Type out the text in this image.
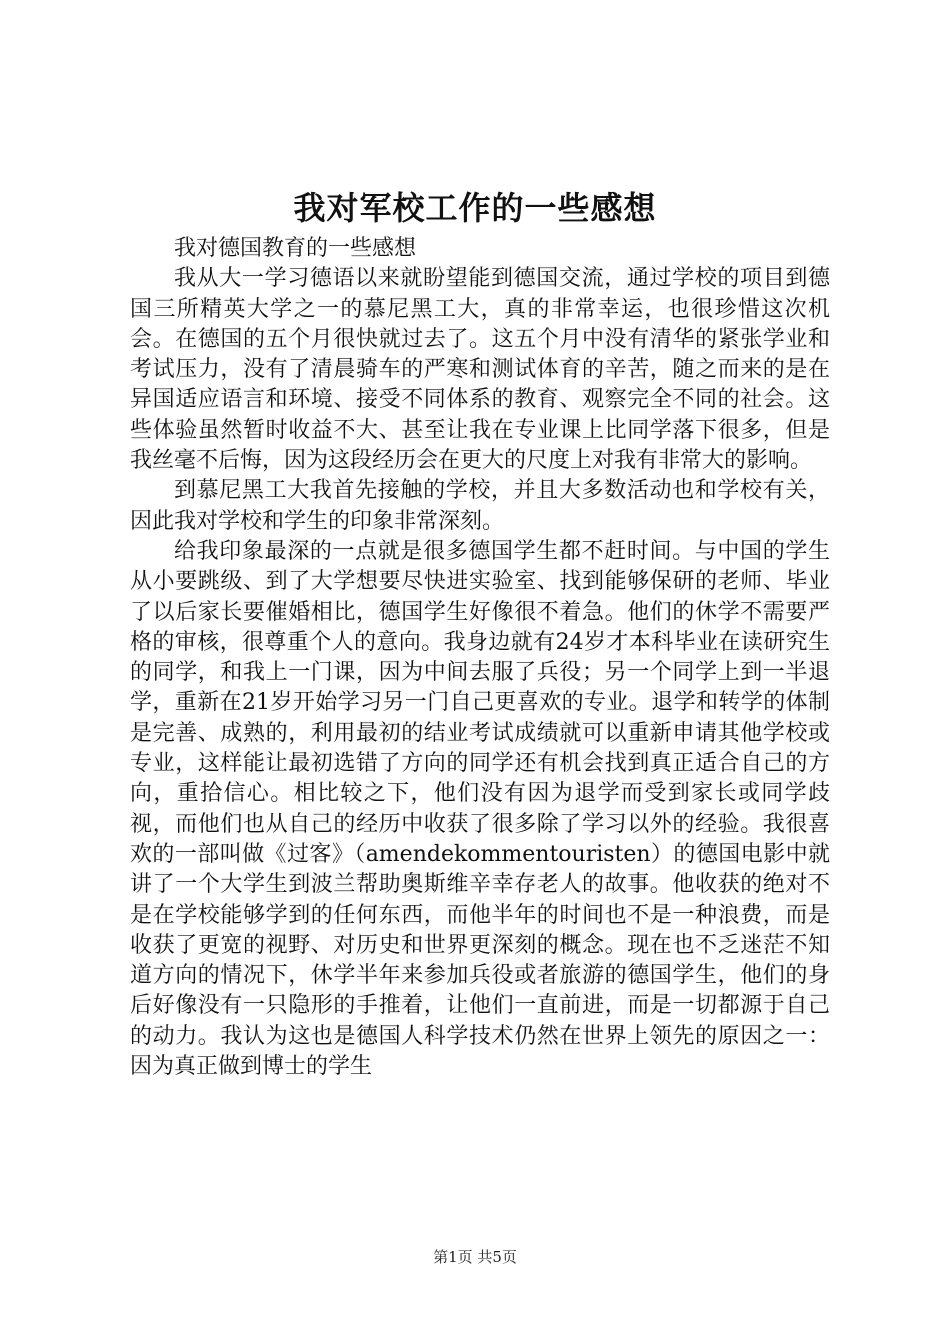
我对军校工作的一些感想

我对德国教育的一些感想

我从大一学习德语以来就盼望能到德国交流，通过学校的项目到德国三所精英大学之一的慕尼黑工大，真的非常幸运，也很珍惜这次机会。在德国的五个月很快就过去了。这五个月中没有清华的紧张学业和考试压力，没有了清晨骑车的严寒和测试体育的辛苦，随之而来的是在异国适应语言和环境、接受不同体系的教育、观察完全不同的社会。这些体验虽然暂时收益不大、甚至让我在专业课上比同学落下很多，但是我丝毫不后悔，因为这段经历会在更大的尺度上对我有非常大的影响。

到慕尼黑工大我首先接触的学校，并且大多数活动也和学校有关，因此我对学校和学生的印象非常深刻。

给我印象最深的一点就是很多德国学生都不赶时间。与中国的学生从小要跳级、到了大学想要尽快进实验室、找到能够保研的老师、毕业了以后家长要催婚相比，德国学生好像很不着急。他们的休学不需要严格的审核，很尊重个人的意向。我身边就有24岁才本科毕业在读研究生的同学，和我上一门课，因为中间去服了兵役；另一个同学上到一半退学，重新在21岁开始学习另一门自己更喜欢的专业。退学和转学的体制是完善、成熟的，利用最初的结业考试成绩就可以重新申请其他学校或专业，这样能让最初选错了方向的同学还有机会找到真正适合自己的方向，重拾信心。相比较之下，他们没有因为退学而受到家长或同学歧视，而他们也从自己的经历中收获了很多除了学习以外的经验。我很喜欢的一部叫做《过客》（amendekommentouristen）的德国电影中就讲了一个大学生到波兰帮助奥斯维辛幸存老人的故事。他收获的绝对不是在学校能够学到的任何东西，而他半年的时间也不是一种浪费，而是收获了更宽的视野、对历史和世界更深刻的概念。现在也不乏迷茫不知道方向的情况下，休学半年来参加兵役或者旅游的德国学生，他们的身后好像没有一只隐形的手推着，让他们一直前进，而是一切都源于自己的动力。我认为这也是德国人科学技术仍然在世界上领先的原因之一：因为真正做到博士的学生

第1页 共5页
